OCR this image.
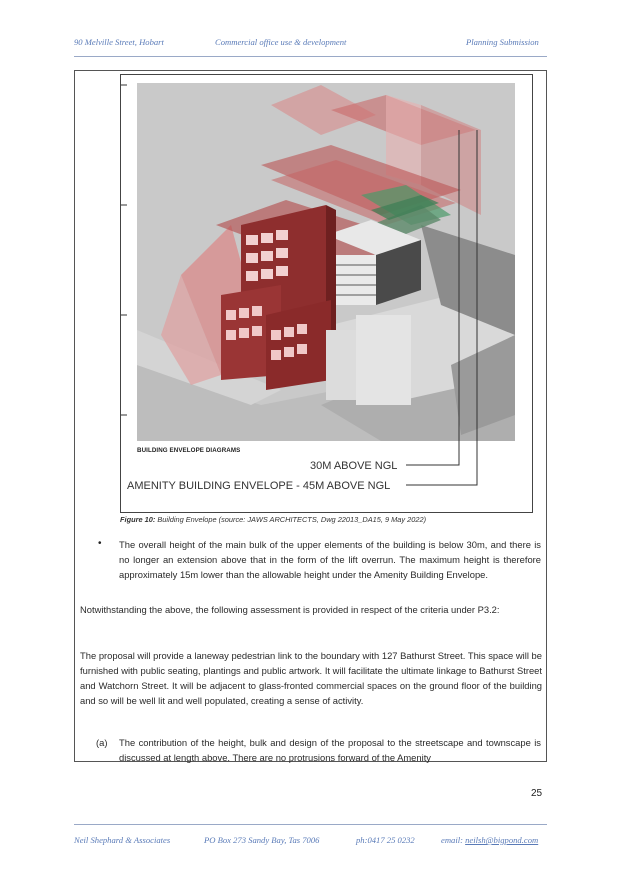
90 Melville Street, Hobart	Commercial office use & development	Planning Submission
BUILDING ENVELOPE DIAGRAMS
30M ABOVE NGL
AMENITY BUILDING ENVELOPE - 45M ABOVE NGL
Figure 10: Building Envelope (source: JAWS ARCHITECTS, Dwg 22013_DA15, 9 May 2022)
• The overall height of the main bulk of the upper elements of the building is below 30m, and there is no longer an extension above that in the form of the lift overrun. The maximum height is therefore approximately 15m lower than the allowable height under the Amenity Building Envelope.
Notwithstanding the above, the following assessment is provided in respect of the criteria under P3.2:
The proposal will provide a laneway pedestrian link to the boundary with 127 Bathurst Street. This space will be furnished with public seating, plantings and public artwork. It will facilitate the ultimate linkage to Bathurst Street and Watchorn Street. It will be adjacent to glass-fronted commercial spaces on the ground floor of the building and so will be well lit and well populated, creating a sense of activity.
(a) The contribution of the height, bulk and design of the proposal to the streetscape and townscape is discussed at length above. There are no protrusions forward of the Amenity
25
Neil Shephard & Associates	PO Box 273 Sandy Bay, Tas 7006	ph:0417 25 0232	email: neilsh@bigpond.com
